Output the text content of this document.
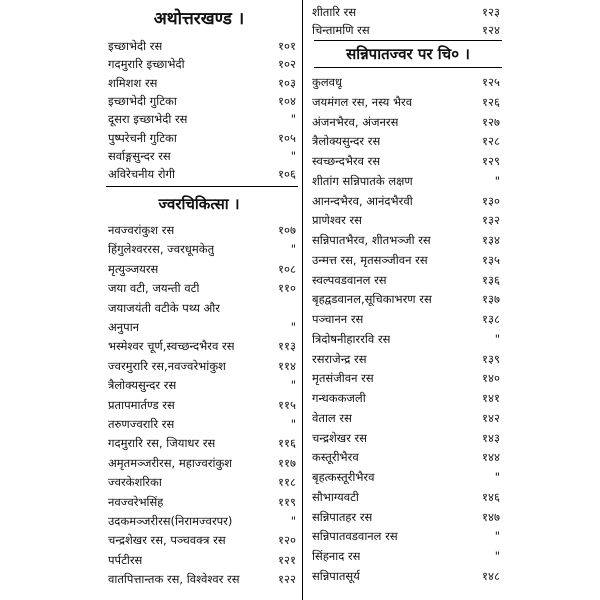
अथोत्तरखण्ड ।
इच्छाभेदी रस	१०१
गदमुरारि इच्छाभेदी	१०२
शमिशश रस	१०३
इच्छाभेदी गुटिका	१०४
दूसरा इच्छाभेदी रस	"
पुष्परेचनी गुटिका	१०५
सर्वाङ्गसुन्दर रस	"
अविरेचनीय रोगी	१०६
ज्वरचिकित्सा ।
नवज्वरांकुश रस	१०७
हिंगुलेश्वररस, ज्वरधूमकेतु	"
मृत्युञ्जयरस	१०८
जया वटी, जयन्ती वटी	११०
जयाजयंती वटीके पथ्य और
अनुपान	"
भस्मेश्वर चूर्ण,स्वच्छन्दभैरव रस	११३
ज्वरमुरारि रस,नवज्वरेभांकुश	११४
त्रैलोक्यसुन्दर रस	"
प्रतापमार्तण्ड रस	११५
तरुणज्वरारि रस	"
गदमुरारि रस, जियाधर रस	११६
अमृतमञ्जरीरस, महाज्वरांकुश	११७
ज्वरकेशरिका	११८
नवज्वरेभसिंह	११९
उदकमञ्जरीरस(निरामज्वरपर)	"
चन्द्रशेखर रस, पञ्चवक्त्र रस	१२०
पर्पटीरस	१२१
वातपित्तान्तक रस, विश्वेश्वर रस	१२२
शीतारि रस	१२३
चिन्तामणि रस	१२४
सन्निपातज्वर पर चि० ।
कुलवधू	१२५
जयमंगल रस, नस्य भैरव	१२६
अंजनभैरव, अंजनरस	१२७
त्रैलोक्यसुन्दर रस	१२८
स्वच्छन्दभैरव रस	१२९
शीतांग सन्निपातके लक्षण	"
आनन्दभैरव, आनंदभैरवी	१३०
प्राणेश्वर रस	१३२
सन्निपातभैरव, शीतभञ्जी रस	१३४
उन्मत्त रस, मृतसञ्जीवन रस	१३५
स्वल्पवडवानल रस	१३६
बृहद्वडवानल,सूचिकाभरण रस	१३७
पञ्चानन रस	१३८
त्रिदोषनीहाररवि रस	"
रसराजेन्द्र रस	१३९
मृतसंजीवन रस	१४०
गन्धककजली	१४१
वेताल रस	१४२
चन्द्रशेखर रस	१४३
कस्तूरीभैरव	१४४
बृहत्कस्तूरीभैरव	"
सौभाग्यवटी	१४६
सन्निपातहर रस	१४७
सन्निपातवडवानल रस	"
सिंहनाद रस	"
सन्निपातसूर्य	१४८
